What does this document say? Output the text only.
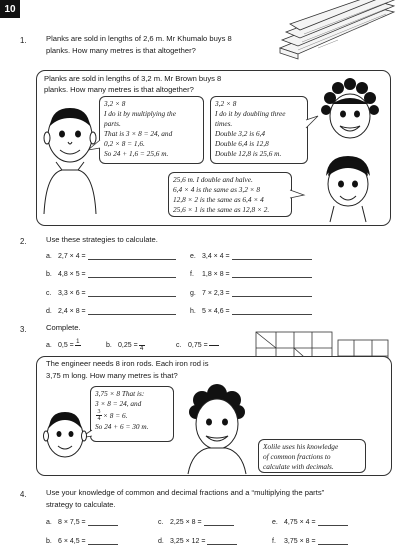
10
1.	Planks are sold in lengths of 2,6 m. Mr Khumalo buys 8
planks. How many metres is that altogether?
Planks are sold in lengths of 3,2 m. Mr Brown buys 8
planks. How many metres is that altogether?
3,2 × 8
I do it by multiplying the
parts.
That is 3 × 8 = 24, and
0,2 × 8 = 1,6.
So 24 + 1,6 = 25,6 m.
3,2 × 8
I do it by doubling three
times.
Double 3,2 is 6,4
Double 6,4 is 12,8
Double 12,8 is 25,6 m.
25,6 m. I double and halve.
6,4 × 4 is the same as 3,2 × 8
12,8 × 2 is the same as 6,4 × 4
25,6 × 1 is the same as 12,8 × 2.
2.	Use these strategies to calculate.
a. 2,7 × 4 =	e. 3,4 × 4 =
b. 4,8 × 5 =	f.	1,8 × 8 =
c. 3,3 × 6 =	g. 7 × 2,3 =
d. 2,4 × 8 =	h. 5 × 4,6 =
3.	Complete.
a. 0,5 = 1	b. 0,25 = 4	c. 0,75 =
The engineer needs 8 iron rods. Each iron rod is
3,75 m long. How many metres is that?
3,75 × 8 That is:
3 × 8 = 24, and
$\frac{3}{4} \times 8 = 6$.
So 24 + 6 = 30 m.
Xolile uses his knowledge
of common fractions to
calculate with decimals.
4.	Use your knowledge of common and decimal fractions and a “multiplying the parts”
strategy to calculate.
a. 8 × 7,5 =	c. 2,25 × 8 =	e. 4,75 × 4 =
b. 6 × 4,5 =	d. 3,25 × 12 =	f.	3,75 × 8 =
